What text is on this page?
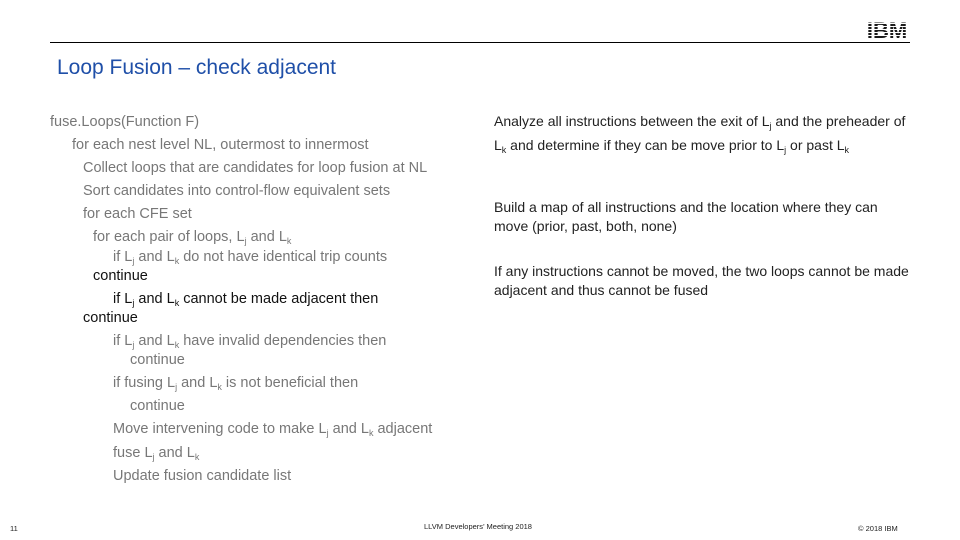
IBM
Loop Fusion – check adjacent
fuse.Loops(Function F)
for each nest level NL, outermost to innermost
Collect loops that are candidates for loop fusion at NL
Sort candidates into control-flow equivalent sets
for each CFE set
for each pair of loops, $L_j$ and $L_k$
if $L_j$ and $L_k$ do not have identical trip counts
continue
if $L_j$ and $L_k$ cannot be made adjacent then
continue
if $L_j$ and $L_k$ have invalid dependencies then
continue
if fusing $L_j$ and $L_k$ is not beneficial then
continue
Move intervening code to make $L_j$ and $L_k$ adjacent
fuse $L_j$ and $L_k$
Update fusion candidate list

Analyze all instructions between the exit of $L_j$ and the preheader of $L_k$ and determine if they can be move prior to $L_j$ or past $L_k$

Build a map of all instructions and the location where they can move (prior, past, both, none)

If any instructions cannot be moved, the two loops cannot be made adjacent and thus cannot be fused

11	LLVM Developers’ Meeting 2018	© 2018 IBM
